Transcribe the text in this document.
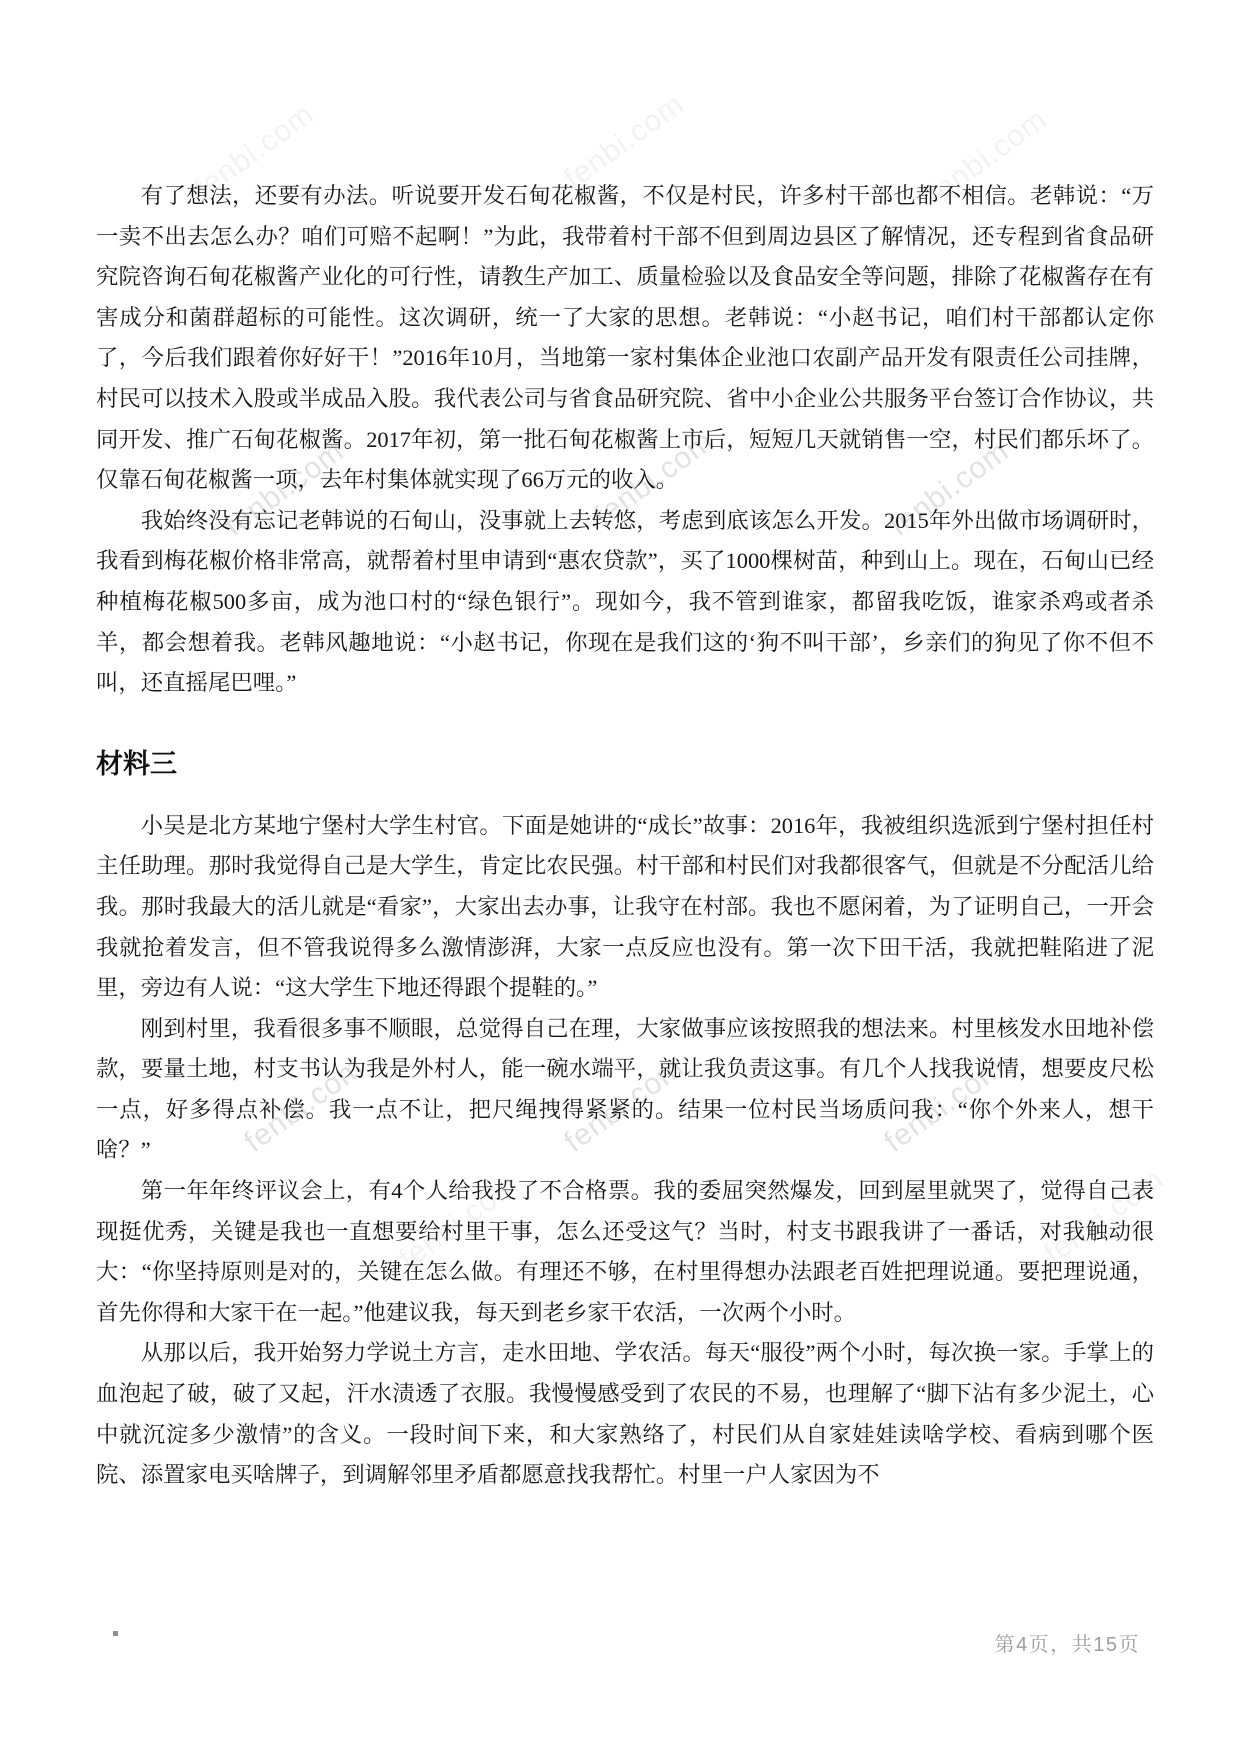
fenbi.com	fenbi.com	fenbi.com
fenbi.com	fenbi.com	fenbi.com
fenbi.com	fenbi.com	fenbi.com
fenbi.com	fenbi.com

有了想法，还要有办法。听说要开发石甸花椒酱，不仅是村民，许多村干部也都不相信。老韩说：“万一卖不出去怎么办？咱们可赔不起啊！”为此，我带着村干部不但到周边县区了解情况，还专程到省食品研究院咨询石甸花椒酱产业化的可行性，请教生产加工、质量检验以及食品安全等问题，排除了花椒酱存在有害成分和菌群超标的可能性。这次调研，统一了大家的思想。老韩说：“小赵书记，咱们村干部都认定你了，今后我们跟着你好好干！”2016年10月，当地第一家村集体企业池口农副产品开发有限责任公司挂牌，村民可以技术入股或半成品入股。我代表公司与省食品研究院、省中小企业公共服务平台签订合作协议，共同开发、推广石甸花椒酱。2017年初，第一批石甸花椒酱上市后，短短几天就销售一空，村民们都乐坏了。仅靠石甸花椒酱一项，去年村集体就实现了66万元的收入。

我始终没有忘记老韩说的石甸山，没事就上去转悠，考虑到底该怎么开发。2015年外出做市场调研时，我看到梅花椒价格非常高，就帮着村里申请到“惠农贷款”，买了1000棵树苗，种到山上。现在，石甸山已经种植梅花椒500多亩，成为池口村的“绿色银行”。现如今，我不管到谁家，都留我吃饭，谁家杀鸡或者杀羊，都会想着我。老韩风趣地说：“小赵书记，你现在是我们这的‘狗不叫干部’，乡亲们的狗见了你不但不叫，还直摇尾巴哩。”

材料三

小吴是北方某地宁堡村大学生村官。下面是她讲的“成长”故事：2016年，我被组织选派到宁堡村担任村主任助理。那时我觉得自己是大学生，肯定比农民强。村干部和村民们对我都很客气，但就是不分配活儿给我。那时我最大的活儿就是“看家”，大家出去办事，让我守在村部。我也不愿闲着，为了证明自己，一开会我就抢着发言，但不管我说得多么激情澎湃，大家一点反应也没有。第一次下田干活，我就把鞋陷进了泥里，旁边有人说：“这大学生下地还得跟个提鞋的。”

刚到村里，我看很多事不顺眼，总觉得自己在理，大家做事应该按照我的想法来。村里核发水田地补偿款，要量土地，村支书认为我是外村人，能一碗水端平，就让我负责这事。有几个人找我说情，想要皮尺松一点，好多得点补偿。我一点不让，把尺绳拽得紧紧的。结果一位村民当场质问我：“你个外来人，想干啥？”

第一年年终评议会上，有4个人给我投了不合格票。我的委屈突然爆发，回到屋里就哭了，觉得自己表现挺优秀，关键是我也一直想要给村里干事，怎么还受这气？当时，村支书跟我讲了一番话，对我触动很大：“你坚持原则是对的，关键在怎么做。有理还不够，在村里得想办法跟老百姓把理说通。要把理说通，首先你得和大家干在一起。”他建议我，每天到老乡家干农活，一次两个小时。

从那以后，我开始努力学说土方言，走水田地、学农活。每天“服役”两个小时，每次换一家。手掌上的血泡起了破，破了又起，汗水渍透了衣服。我慢慢感受到了农民的不易，也理解了“脚下沾有多少泥土，心中就沉淀多少激情”的含义。一段时间下来，和大家熟络了，村民们从自家娃娃读啥学校、看病到哪个医院、添置家电买啥牌子，到调解邻里矛盾都愿意找我帮忙。村里一户人家因为不

第4页，共15页
